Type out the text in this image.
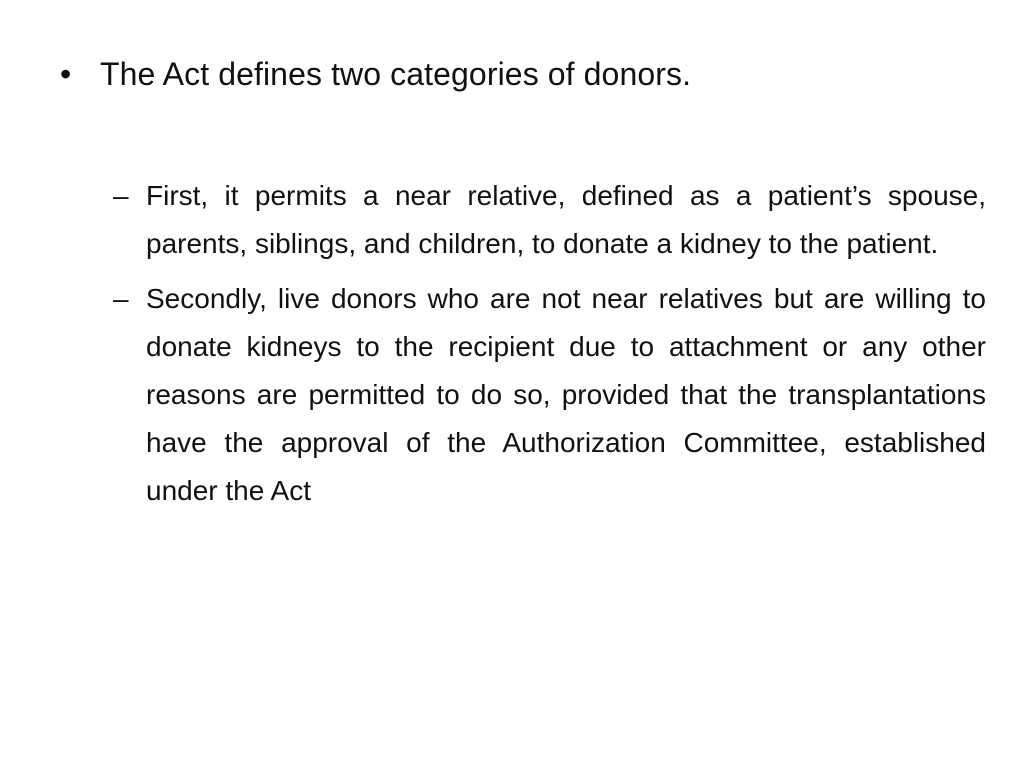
• The Act defines two categories of donors.
– First, it permits a near relative, defined as a patient’s spouse, parents, siblings, and children, to donate a kidney to the patient.
– Secondly, live donors who are not near relatives but are willing to donate kidneys to the recipient due to attachment or any other reasons are permitted to do so, provided that the transplantations have the approval of the Authorization Committee, established under the Act
